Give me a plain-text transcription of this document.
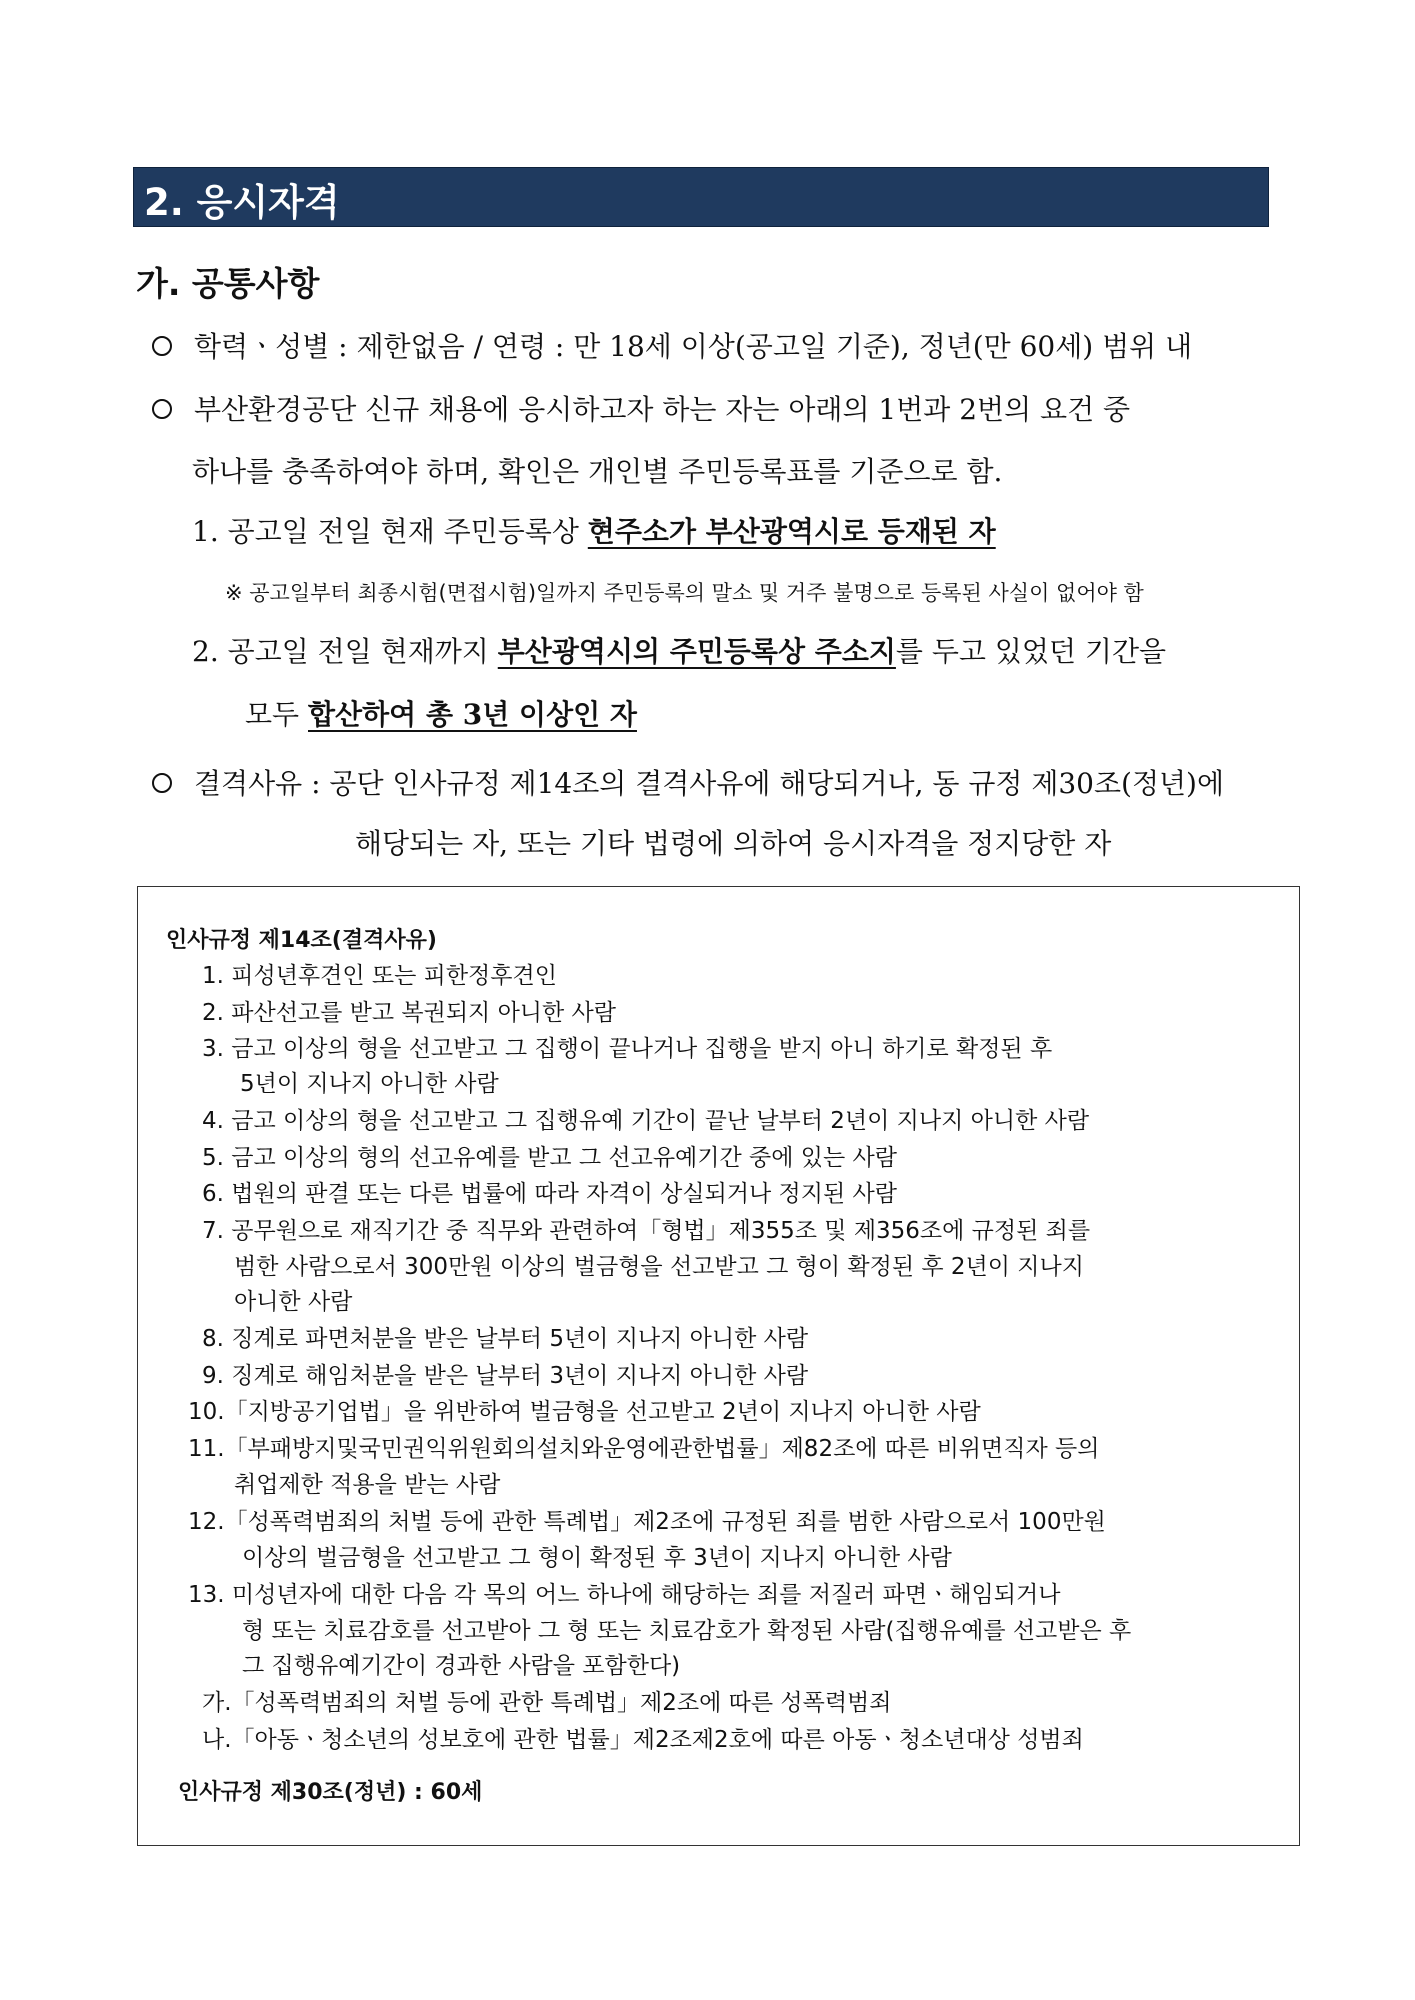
2. 응시자격
가. 공통사항
학력ㆍ성별 : 제한없음 / 연령 : 만 18세 이상(공고일 기준), 정년(만 60세) 범위 내
부산환경공단 신규 채용에 응시하고자 하는 자는 아래의 1번과 2번의 요건 중
하나를 충족하여야 하며, 확인은 개인별 주민등록표를 기준으로 함.
1. 공고일 전일 현재 주민등록상 현주소가 부산광역시로 등재된 자
※ 공고일부터 최종시험(면접시험)일까지 주민등록의 말소 및 거주 불명으로 등록된 사실이 없어야 함
2. 공고일 전일 현재까지 부산광역시의 주민등록상 주소지를 두고 있었던 기간을
모두 합산하여 총 3년 이상인 자
결격사유 : 공단 인사규정 제14조의 결격사유에 해당되거나, 동 규정 제30조(정년)에
해당되는 자, 또는 기타 법령에 의하여 응시자격을 정지당한 자
인사규정 제14조(결격사유)
1. 피성년후견인 또는 피한정후견인
2. 파산선고를 받고 복권되지 아니한 사람
3. 금고 이상의 형을 선고받고 그 집행이 끝나거나 집행을 받지 아니 하기로 확정된 후
5년이 지나지 아니한 사람
4. 금고 이상의 형을 선고받고 그 집행유예 기간이 끝난 날부터 2년이 지나지 아니한 사람
5. 금고 이상의 형의 선고유예를 받고 그 선고유예기간 중에 있는 사람
6. 법원의 판결 또는 다른 법률에 따라 자격이 상실되거나 정지된 사람
7. 공무원으로 재직기간 중 직무와 관련하여「형법」제355조 및 제356조에 규정된 죄를
범한 사람으로서 300만원 이상의 벌금형을 선고받고 그 형이 확정된 후 2년이 지나지
아니한 사람
8. 징계로 파면처분을 받은 날부터 5년이 지나지 아니한 사람
9. 징계로 해임처분을 받은 날부터 3년이 지나지 아니한 사람
10.「지방공기업법」을 위반하여 벌금형을 선고받고 2년이 지나지 아니한 사람
11.「부패방지및국민권익위원회의설치와운영에관한법률」제82조에 따른 비위면직자 등의
취업제한 적용을 받는 사람
12.「성폭력범죄의 처벌 등에 관한 특례법」제2조에 규정된 죄를 범한 사람으로서 100만원
이상의 벌금형을 선고받고 그 형이 확정된 후 3년이 지나지 아니한 사람
13. 미성년자에 대한 다음 각 목의 어느 하나에 해당하는 죄를 저질러 파면ㆍ해임되거나
형 또는 치료감호를 선고받아 그 형 또는 치료감호가 확정된 사람(집행유예를 선고받은 후
그 집행유예기간이 경과한 사람을 포함한다)
가.「성폭력범죄의 처벌 등에 관한 특례법」제2조에 따른 성폭력범죄
나.「아동ㆍ청소년의 성보호에 관한 법률」제2조제2호에 따른 아동ㆍ청소년대상 성범죄
인사규정 제30조(정년) : 60세
